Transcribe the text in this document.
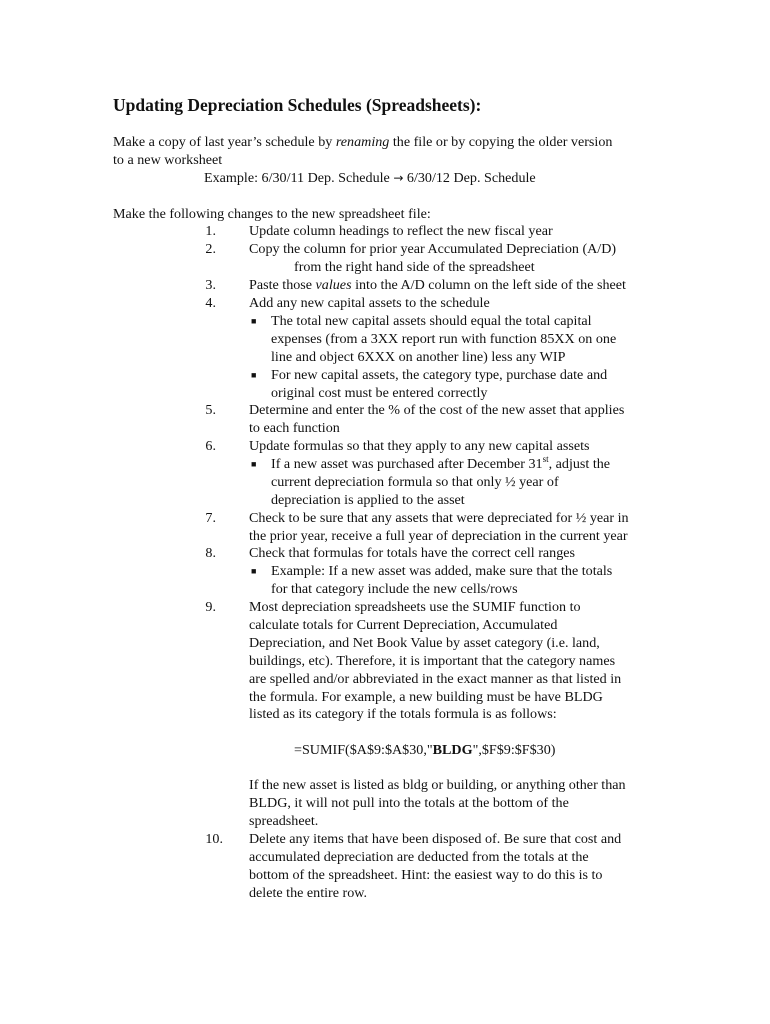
Updating Depreciation Schedules (Spreadsheets):

Make a copy of last year’s schedule by renaming the file or by copying the older version

to a new worksheet

Example: 6/30/11 Dep. Schedule → 6/30/12 Dep. Schedule

Make the following changes to the new spreadsheet file:

1. Update column headings to reflect the new fiscal year

2. Copy the column for prior year Accumulated Depreciation (A/D)

from the right hand side of the spreadsheet

3. Paste those values into the A/D column on the left side of the sheet

4. Add any new capital assets to the schedule

■ The total new capital assets should equal the total capital

expenses (from a 3XX report run with function 85XX on one

line and object 6XXX on another line) less any WIP

■ For new capital assets, the category type, purchase date and

original cost must be entered correctly

5. Determine and enter the % of the cost of the new asset that applies

to each function

6. Update formulas so that they apply to any new capital assets

■ If a new asset was purchased after December 31st, adjust the

current depreciation formula so that only ½ year of

depreciation is applied to the asset

7. Check to be sure that any assets that were depreciated for ½ year in

the prior year, receive a full year of depreciation in the current year

8. Check that formulas for totals have the correct cell ranges

■ Example: If a new asset was added, make sure that the totals

for that category include the new cells/rows

9. Most depreciation spreadsheets use the SUMIF function to

calculate totals for Current Depreciation, Accumulated

Depreciation, and Net Book Value by asset category (i.e. land,

buildings, etc). Therefore, it is important that the category names

are spelled and/or abbreviated in the exact manner as that listed in

the formula. For example, a new building must be have BLDG

listed as its category if the totals formula is as follows:

=SUMIF($A$9:$A$30,"BLDG",$F$9:$F$30)

If the new asset is listed as bldg or building, or anything other than

BLDG, it will not pull into the totals at the bottom of the

spreadsheet.

10. Delete any items that have been disposed of. Be sure that cost and

accumulated depreciation are deducted from the totals at the

bottom of the spreadsheet. Hint: the easiest way to do this is to

delete the entire row.
